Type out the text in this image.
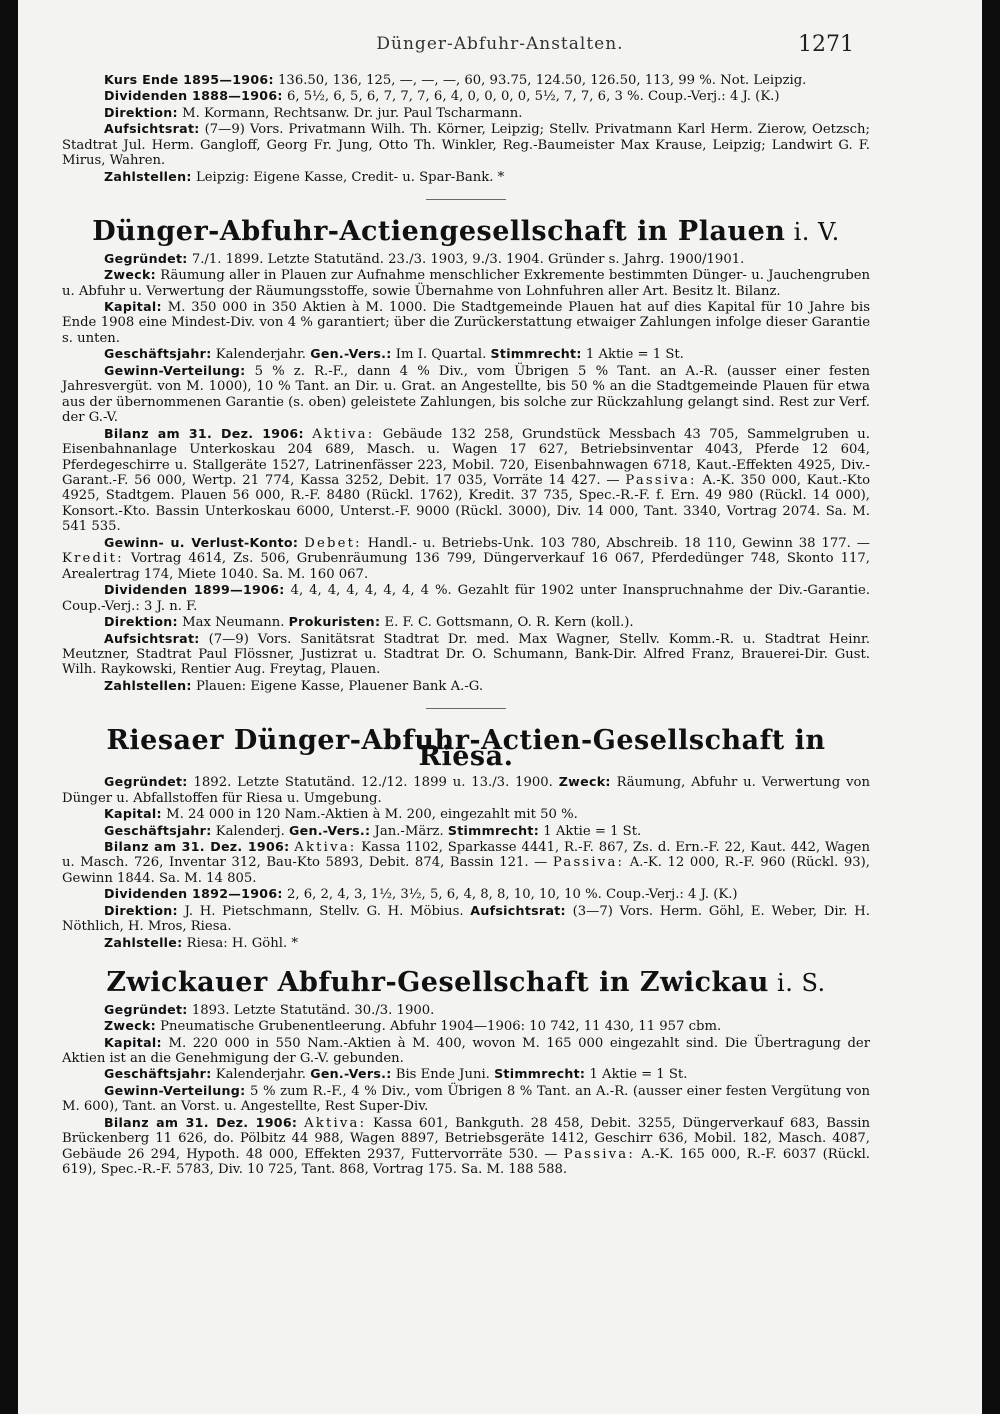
Dünger-Abfuhr-Anstalten.	1271

Kurs Ende 1895—1906: 136.50, 136, 125, —, —, —, 60, 93.75, 124.50, 126.50, 113, 99 %. Not. Leipzig.

Dividenden 1888—1906: 6, 5½, 6, 5, 6, 7, 7, 7, 6, 4, 0, 0, 0, 0, 5½, 7, 7, 6, 3 %. Coup.-Verj.: 4 J. (K.)

Direktion: M. Kormann, Rechtsanw. Dr. jur. Paul Tscharmann.

Aufsichtsrat: (7—9) Vors. Privatmann Wilh. Th. Körner, Leipzig; Stellv. Privatmann Karl Herm. Zierow, Oetzsch; Stadtrat Jul. Herm. Gangloff, Georg Fr. Jung, Otto Th. Winkler, Reg.-Baumeister Max Krause, Leipzig; Landwirt G. F. Mirus, Wahren.

Zahlstellen: Leipzig: Eigene Kasse, Credit- u. Spar-Bank. *

Dünger-Abfuhr-Actiengesellschaft in Plauen i. V.

Gegründet: 7./1. 1899. Letzte Statutänd. 23./3. 1903, 9./3. 1904. Gründer s. Jahrg. 1900/1901.

Zweck: Räumung aller in Plauen zur Aufnahme menschlicher Exkremente bestimmten Dünger- u. Jauchengruben u. Abfuhr u. Verwertung der Räumungsstoffe, sowie Übernahme von Lohnfuhren aller Art. Besitz lt. Bilanz.

Kapital: M. 350 000 in 350 Aktien à M. 1000. Die Stadtgemeinde Plauen hat auf dies Kapital für 10 Jahre bis Ende 1908 eine Mindest-Div. von 4 % garantiert; über die Zurückerstattung etwaiger Zahlungen infolge dieser Garantie s. unten.

Geschäftsjahr: Kalenderjahr. Gen.-Vers.: Im I. Quartal. Stimmrecht: 1 Aktie = 1 St.

Gewinn-Verteilung: 5 % z. R.-F., dann 4 % Div., vom Übrigen 5 % Tant. an A.-R. (ausser einer festen Jahresvergüt. von M. 1000), 10 % Tant. an Dir. u. Grat. an Angestellte, bis 50 % an die Stadtgemeinde Plauen für etwa aus der übernommenen Garantie (s. oben) geleistete Zahlungen, bis solche zur Rückzahlung gelangt sind. Rest zur Verf. der G.-V.

Bilanz am 31. Dez. 1906: Aktiva: Gebäude 132 258, Grundstück Messbach 43 705, Sammelgruben u. Eisenbahnanlage Unterkoskau 204 689, Masch. u. Wagen 17 627, Betriebsinventar 4043, Pferde 12 604, Pferdegeschirre u. Stallgeräte 1527, Latrinenfässer 223, Mobil. 720, Eisenbahnwagen 6718, Kaut.-Effekten 4925, Div.-Garant.-F. 56 000, Wertp. 21 774, Kassa 3252, Debit. 17 035, Vorräte 14 427. — Passiva: A.-K. 350 000, Kaut.-Kto 4925, Stadtgem. Plauen 56 000, R.-F. 8480 (Rückl. 1762), Kredit. 37 735, Spec.-R.-F. f. Ern. 49 980 (Rückl. 14 000), Konsort.-Kto. Bassin Unterkoskau 6000, Unterst.-F. 9000 (Rückl. 3000), Div. 14 000, Tant. 3340, Vortrag 2074. Sa. M. 541 535.

Gewinn- u. Verlust-Konto: Debet: Handl.- u. Betriebs-Unk. 103 780, Abschreib. 18 110, Gewinn 38 177. — Kredit: Vortrag 4614, Zs. 506, Grubenräumung 136 799, Düngerverkauf 16 067, Pferdedünger 748, Skonto 117, Arealertrag 174, Miete 1040. Sa. M. 160 067.

Dividenden 1899—1906: 4, 4, 4, 4, 4, 4, 4, 4 %. Gezahlt für 1902 unter Inanspruchnahme der Div.-Garantie. Coup.-Verj.: 3 J. n. F.

Direktion: Max Neumann. Prokuristen: E. F. C. Gottsmann, O. R. Kern (koll.).

Aufsichtsrat: (7—9) Vors. Sanitätsrat Stadtrat Dr. med. Max Wagner, Stellv. Komm.-R. u. Stadtrat Heinr. Meutzner, Stadtrat Paul Flössner, Justizrat u. Stadtrat Dr. O. Schumann, Bank-Dir. Alfred Franz, Brauerei-Dir. Gust. Wilh. Raykowski, Rentier Aug. Freytag, Plauen.

Zahlstellen: Plauen: Eigene Kasse, Plauener Bank A.-G.

Riesaer Dünger-Abfuhr-Actien-Gesellschaft in Riesa.

Gegründet: 1892. Letzte Statutänd. 12./12. 1899 u. 13./3. 1900. Zweck: Räumung, Abfuhr u. Verwertung von Dünger u. Abfallstoffen für Riesa u. Umgebung.

Kapital: M. 24 000 in 120 Nam.-Aktien à M. 200, eingezahlt mit 50 %.

Geschäftsjahr: Kalenderj. Gen.-Vers.: Jan.-März. Stimmrecht: 1 Aktie = 1 St.

Bilanz am 31. Dez. 1906: Aktiva: Kassa 1102, Sparkasse 4441, R.-F. 867, Zs. d. Ern.-F. 22, Kaut. 442, Wagen u. Masch. 726, Inventar 312, Bau-Kto 5893, Debit. 874, Bassin 121. — Passiva: A.-K. 12 000, R.-F. 960 (Rückl. 93), Gewinn 1844. Sa. M. 14 805.

Dividenden 1892—1906: 2, 6, 2, 4, 3, 1½, 3½, 5, 6, 4, 8, 8, 10, 10, 10 %. Coup.-Verj.: 4 J. (K.)

Direktion: J. H. Pietschmann, Stellv. G. H. Möbius. Aufsichtsrat: (3—7) Vors. Herm. Göhl, E. Weber, Dir. H. Nöthlich, H. Mros, Riesa.

Zahlstelle: Riesa: H. Göhl. *

Zwickauer Abfuhr-Gesellschaft in Zwickau i. S.

Gegründet: 1893. Letzte Statutänd. 30./3. 1900.

Zweck: Pneumatische Grubenentleerung. Abfuhr 1904—1906: 10 742, 11 430, 11 957 cbm.

Kapital: M. 220 000 in 550 Nam.-Aktien à M. 400, wovon M. 165 000 eingezahlt sind. Die Übertragung der Aktien ist an die Genehmigung der G.-V. gebunden.

Geschäftsjahr: Kalenderjahr. Gen.-Vers.: Bis Ende Juni. Stimmrecht: 1 Aktie = 1 St.

Gewinn-Verteilung: 5 % zum R.-F., 4 % Div., vom Übrigen 8 % Tant. an A.-R. (ausser einer festen Vergütung von M. 600), Tant. an Vorst. u. Angestellte, Rest Super-Div.

Bilanz am 31. Dez. 1906: Aktiva: Kassa 601, Bankguth. 28 458, Debit. 3255, Düngerverkauf 683, Bassin Brückenberg 11 626, do. Pölbitz 44 988, Wagen 8897, Betriebsgeräte 1412, Geschirr 636, Mobil. 182, Masch. 4087, Gebäude 26 294, Hypoth. 48 000, Effekten 2937, Futtervorräte 530. — Passiva: A.-K. 165 000, R.-F. 6037 (Rückl. 619), Spec.-R.-F. 5783, Div. 10 725, Tant. 868, Vortrag 175. Sa. M. 188 588.
